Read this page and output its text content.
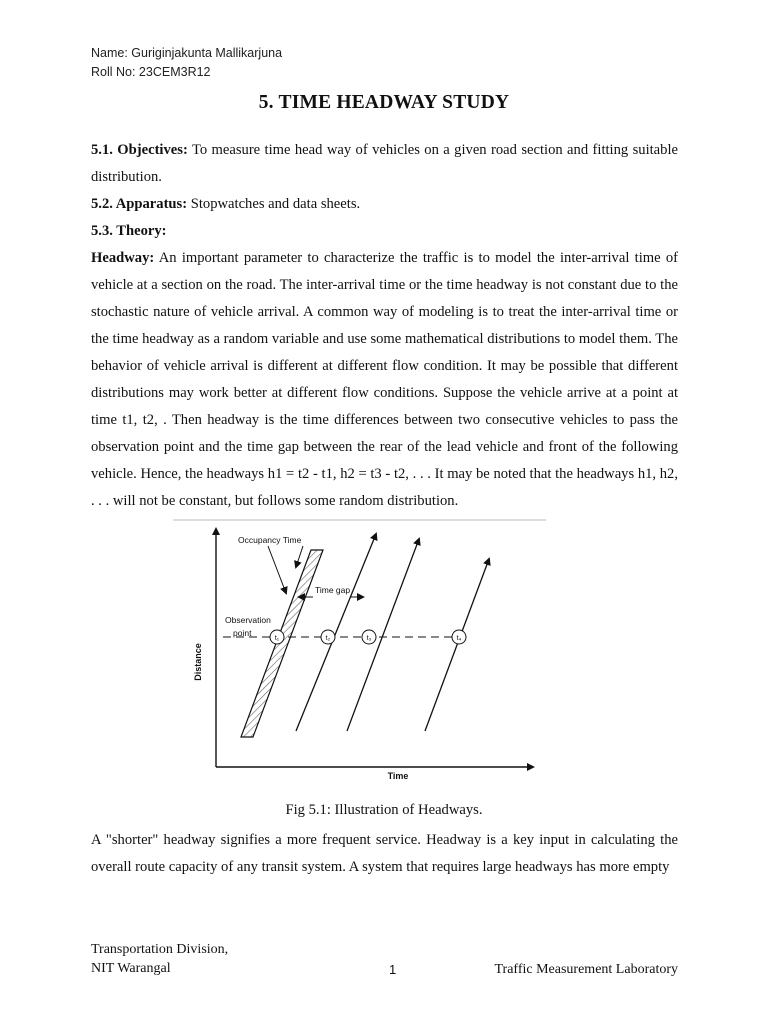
Name: Guriginjakunta Mallikarjuna
Roll No: 23CEM3R12
5. TIME HEADWAY STUDY

5.1. Objectives: To measure time head way of vehicles on a given road section and fitting suitable distribution.

5.2. Apparatus: Stopwatches and data sheets.

5.3. Theory:

Headway: An important parameter to characterize the traffic is to model the inter-arrival time of vehicle at a section on the road. The inter-arrival time or the time headway is not constant due to the stochastic nature of vehicle arrival. A common way of modeling is to treat the inter-arrival time or the time headway as a random variable and use some mathematical distributions to model them. The behavior of vehicle arrival is different at different flow condition. It may be possible that different distributions may work better at different flow conditions. Suppose the vehicle arrive at a point at time t1, t2, . Then headway is the time differences between two consecutive vehicles to pass the observation point and the time gap between the rear of the lead vehicle and front of the following vehicle. Hence, the headways h1 = t2 - t1, h2 = t3 - t2, . . . It may be noted that the headways h1, h2, . . . will not be constant, but follows some random distribution.

Distance
Time
t₁	t₂	t₃	t₄
Occupancy Time
Time gap
Observation
point
Fig 5.1: Illustration of Headways.

A "shorter" headway signifies a more frequent service. Headway is a key input in calculating the overall route capacity of any transit system. A system that requires large headways has more empty

Transportation Division,
NIT Warangal	1	Traffic Measurement Laboratory
